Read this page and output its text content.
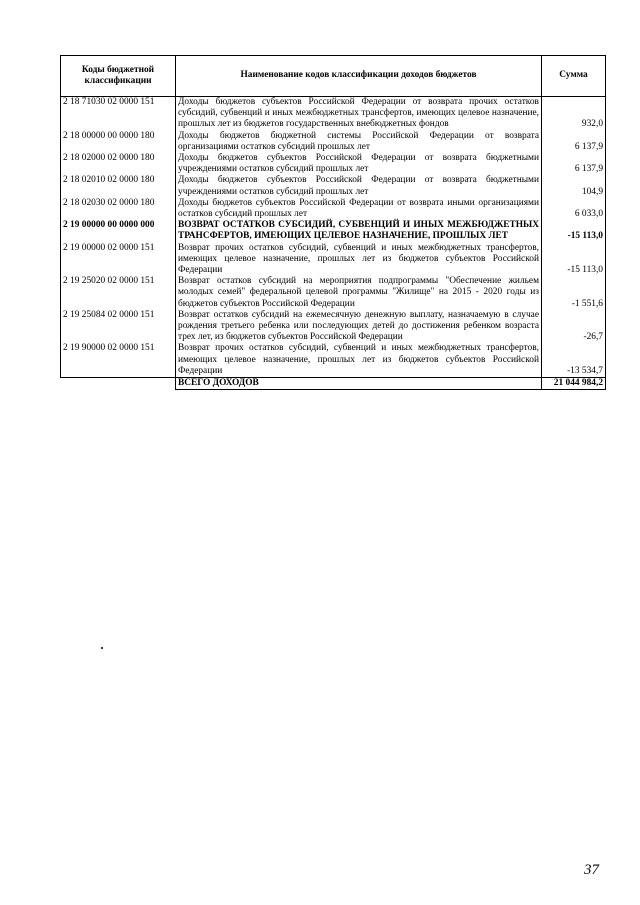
Коды бюджетной классификации	Наименование кодов классификации доходов бюджетов	Сумма
2 18 71030 02 0000 151	Доходы бюджетов субъектов Российской Федерации от возврата прочих остатков субсидий, субвенций и иных межбюджетных трансфертов, имеющих целевое назначение, прошлых лет из бюджетов государственных внебюджетных фондов	932,0
2 18 00000 00 0000 180	Доходы бюджетов бюджетной системы Российской Федерации от возврата организациями остатков субсидий прошлых лет	6 137,9
2 18 02000 02 0000 180	Доходы бюджетов субъектов Российской Федерации от возврата бюджетными учреждениями остатков субсидий прошлых лет	6 137,9
2 18 02010 02 0000 180	Доходы бюджетов субъектов Российской Федерации от возврата бюджетными учреждениями остатков субсидий прошлых лет	104,9
2 18 02030 02 0000 180	Доходы бюджетов субъектов Российской Федерации от возврата иными организациями остатков субсидий прошлых лет	6 033,0
2 19 00000 00 0000 000	ВОЗВРАТ ОСТАТКОВ СУБСИДИЙ, СУБВЕНЦИЙ И ИНЫХ МЕЖБЮДЖЕТНЫХ ТРАНСФЕРТОВ, ИМЕЮЩИХ ЦЕЛЕВОЕ НАЗНАЧЕНИЕ, ПРОШЛЫХ ЛЕТ	-15 113,0
2 19 00000 02 0000 151	Возврат прочих остатков субсидий, субвенций и иных межбюджетных трансфертов, имеющих целевое назначение, прошлых лет из бюджетов субъектов Российской Федерации	-15 113,0
2 19 25020 02 0000 151	Возврат остатков субсидий на мероприятия подпрограммы "Обеспечение жильем молодых семей" федеральной целевой программы "Жилище" на 2015 - 2020 годы из бюджетов субъектов Российской Федерации	-1 551,6
2 19 25084 02 0000 151	Возврат остатков субсидий на ежемесячную денежную выплату, назначаемую в случае рождения третьего ребенка или последующих детей до достижения ребенком возраста трех лет, из бюджетов субъектов Российской Федерации	-26,7
2 19 90000 02 0000 151	Возврат прочих остатков субсидий, субвенций и иных межбюджетных трансфертов, имеющих целевое назначение, прошлых лет из бюджетов субъектов Российской Федерации	-13 534,7
	ВСЕГО ДОХОДОВ	21 044 984,2
37
